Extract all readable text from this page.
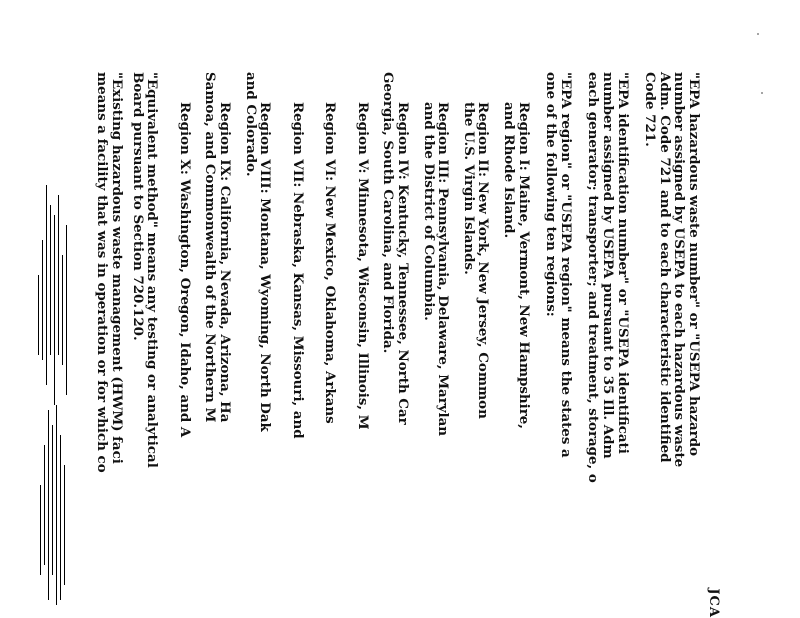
JCA
"EPA hazardous waste number" or "USEPA hazardo
number assigned by USEPA to each hazardous waste
Adm. Code 721 and to each characteristic identified
Code 721.
"EPA identification number" or "USEPA identificati
number assigned by USEPA pursuant to 35 Ill. Adm
each generator; transporter; and treatment, storage, o
"EPA region" or "USEPA region" means the states a
one of the following ten regions:
Region I: Maine, Vermont, New Hampshire,
and Rhode Island.
Region II: New York, New Jersey, Common
the U.S. Virgin Islands.
Region III: Pennsylvania, Delaware, Marylan
and the District of Columbia.
Region IV: Kentucky, Tennessee, North Car
Georgia, South Carolina, and Florida.
Region V: Minnesota, Wisconsin, Illinois, M
Region VI: New Mexico, Oklahoma, Arkans
Region VII: Nebraska, Kansas, Missouri, and
Region VIII: Montana, Wyoming, North Dak
and Colorado.
Region IX: California, Nevada, Arizona, Ha
Samoa, and Commonwealth of the Northern M
Region X: Washington, Oregon, Idaho, and A
"Equivalent method" means any testing or analytical
Board pursuant to Section 720.120.
"Existing hazardous waste management (HWM) faci
means a facility that was in operation or for which co
